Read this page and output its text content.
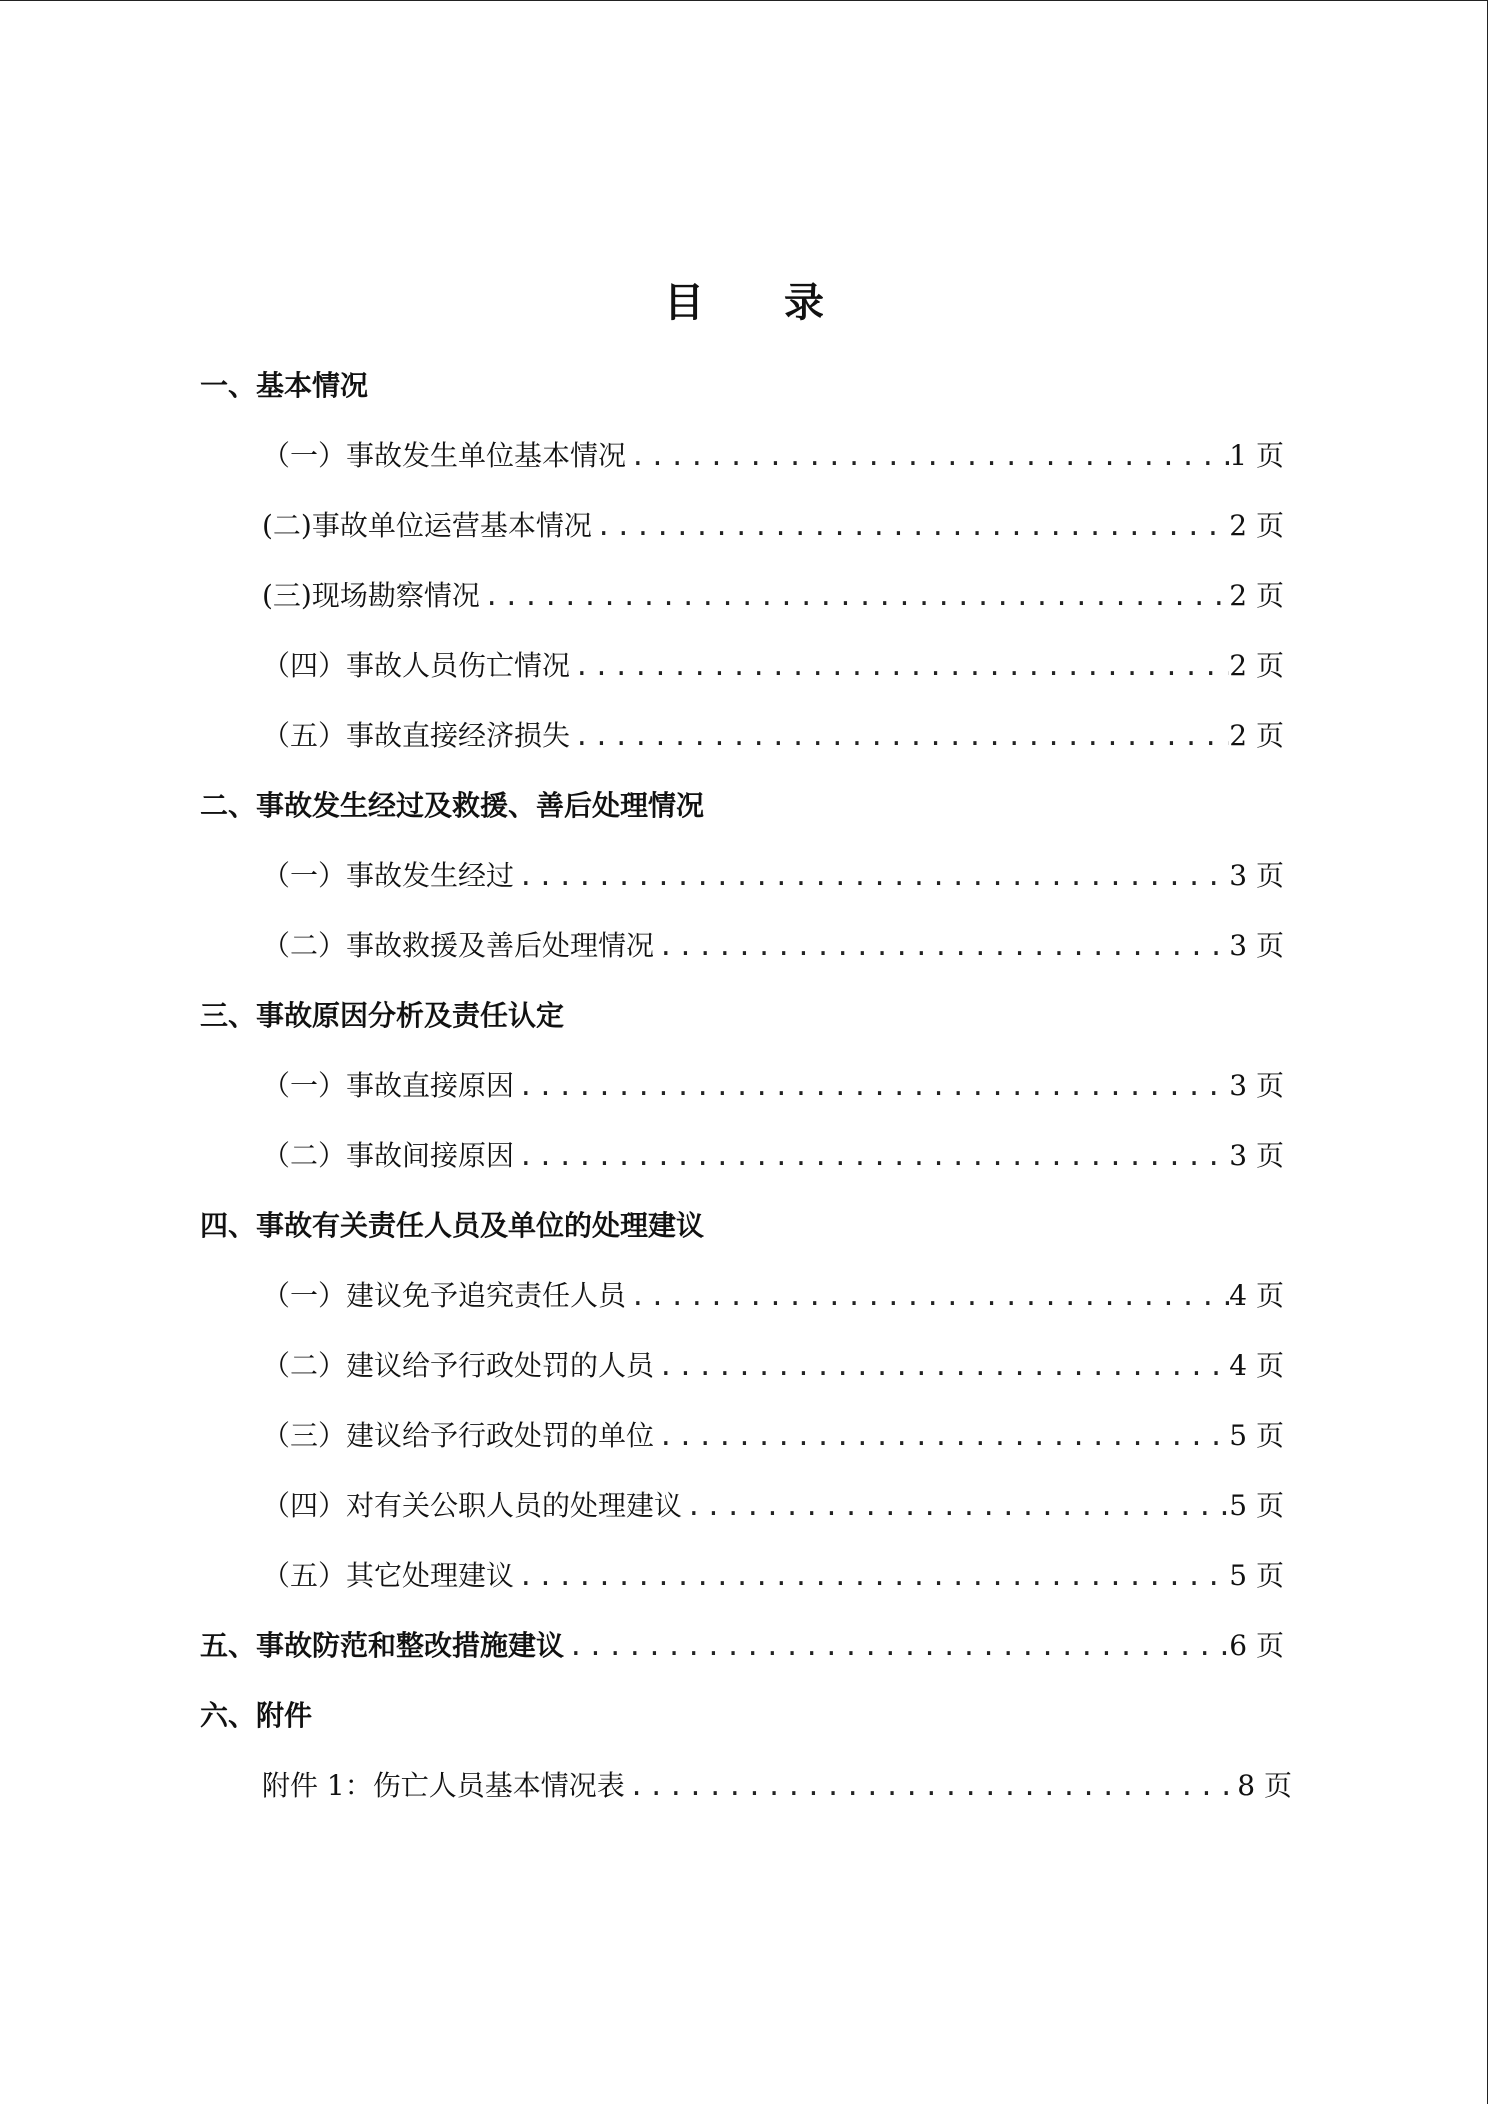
目 录
一、基本情况
（一）事故发生单位基本情况 .....	1 页
(二)事故单位运营基本情况 .....	2 页
(三)现场勘察情况 .....	2 页
（四）事故人员伤亡情况 .....	2 页
（五）事故直接经济损失 .....	2 页
二、事故发生经过及救援、善后处理情况
（一）事故发生经过 .....	3 页
（二）事故救援及善后处理情况 .....	3 页
三、事故原因分析及责任认定
（一）事故直接原因 .....	3 页
（二）事故间接原因 .....	3 页
四、事故有关责任人员及单位的处理建议
（一）建议免予追究责任人员 .....	4 页
（二）建议给予行政处罚的人员 .....	4 页
（三）建议给予行政处罚的单位 .....	5 页
（四）对有关公职人员的处理建议 .....	5 页
（五）其它处理建议 .....	5 页
五、事故防范和整改措施建议 .....	6 页
六、附件
附件 1：伤亡人员基本情况表 .....	8 页
